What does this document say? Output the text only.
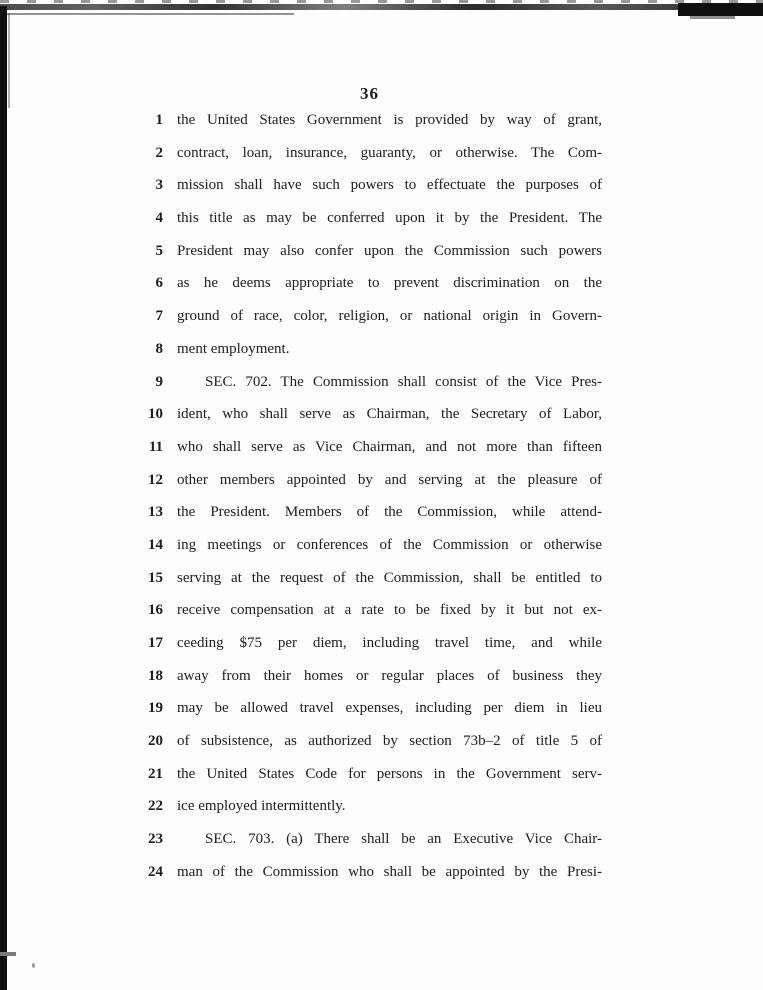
36
1 the United States Government is provided by way of grant,
2 contract, loan, insurance, guaranty, or otherwise. The Com-
3 mission shall have such powers to effectuate the purposes of
4 this title as may be conferred upon it by the President. The
5 President may also confer upon the Commission such powers
6 as he deems appropriate to prevent discrimination on the
7 ground of race, color, religion, or national origin in Govern-
8 ment employment.
9	SEC. 702. The Commission shall consist of the Vice Pres-
10 ident, who shall serve as Chairman, the Secretary of Labor,
11 who shall serve as Vice Chairman, and not more than fifteen
12 other members appointed by and serving at the pleasure of
13 the President. Members of the Commission, while attend-
14 ing meetings or conferences of the Commission or otherwise
15 serving at the request of the Commission, shall be entitled to
16 receive compensation at a rate to be fixed by it but not ex-
17 ceeding $75 per diem, including travel time, and while
18 away from their homes or regular places of business they
19 may be allowed travel expenses, including per diem in lieu
20 of subsistence, as authorized by section 73b–2 of title 5 of
21 the United States Code for persons in the Government serv-
22 ice employed intermittently.
23	SEC. 703. (a) There shall be an Executive Vice Chair-
24 man of the Commission who shall be appointed by the Presi-
